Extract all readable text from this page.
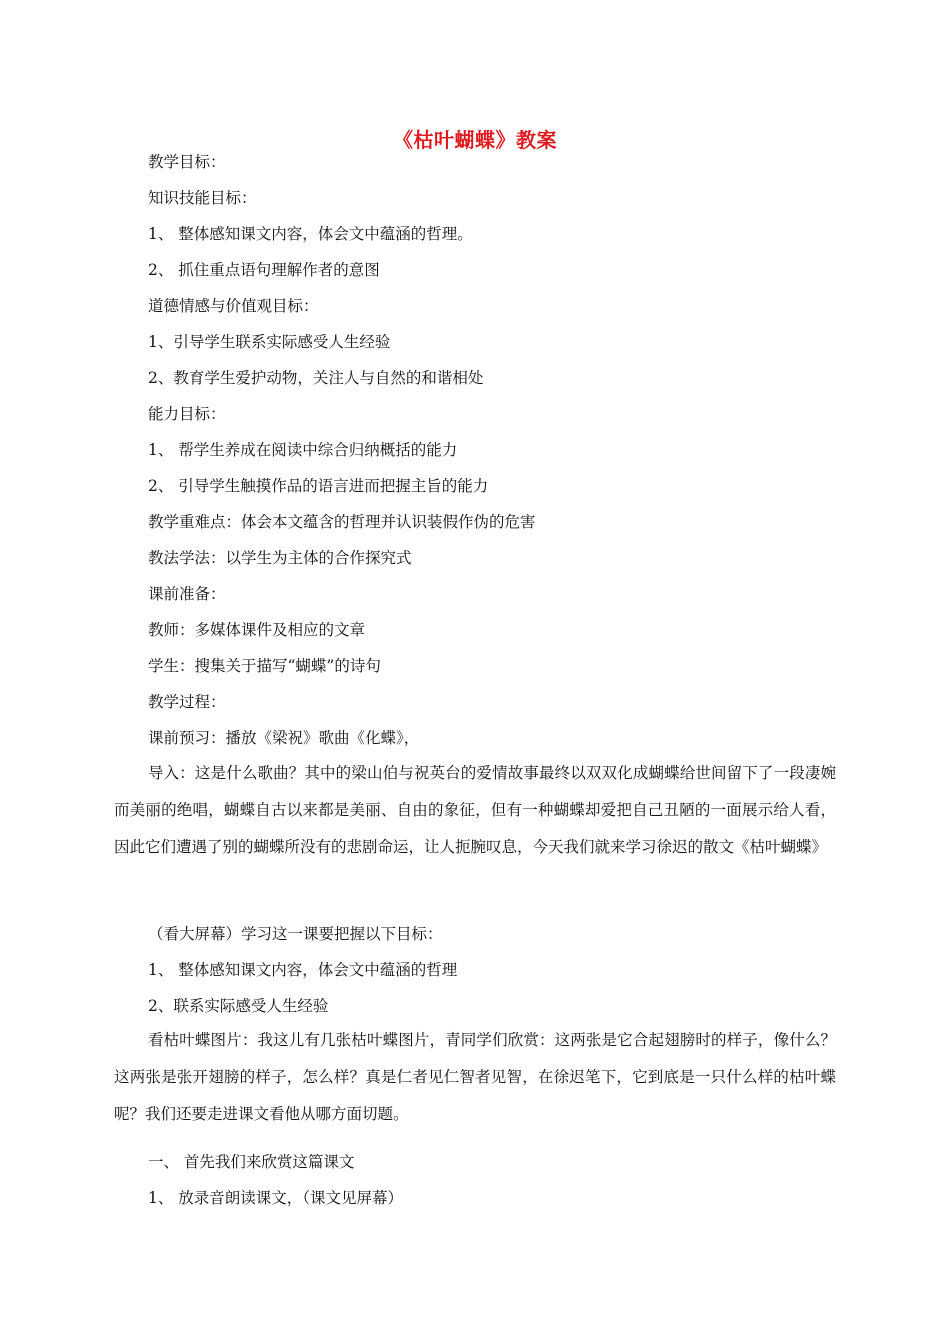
《枯叶蝴蝶》教案
教学目标：
知识技能目标：
1、 整体感知课文内容，体会文中蕴涵的哲理。
2、 抓住重点语句理解作者的意图
道德情感与价值观目标：
1、引导学生联系实际感受人生经验
2、教育学生爱护动物，关注人与自然的和谐相处
能力目标：
1、 帮学生养成在阅读中综合归纳概括的能力
2、 引导学生触摸作品的语言进而把握主旨的能力
教学重难点：体会本文蕴含的哲理并认识装假作伪的危害
教法学法：以学生为主体的合作探究式
课前准备：
教师：多媒体课件及相应的文章
学生：搜集关于描写“蝴蝶”的诗句
教学过程：
课前预习：播放《梁祝》歌曲《化蝶》，
导入：这是什么歌曲？其中的梁山伯与祝英台的爱情故事最终以双双化成蝴蝶给世间留下了一段凄婉而美丽的绝唱，蝴蝶自古以来都是美丽、自由的象征，但有一种蝴蝶却爱把自己丑陋的一面展示给人看，因此它们遭遇了别的蝴蝶所没有的悲剧命运，让人扼腕叹息，今天我们就来学习徐迟的散文《枯叶蝴蝶》
（看大屏幕）学习这一课要把握以下目标：
1、 整体感知课文内容，体会文中蕴涵的哲理
2、联系实际感受人生经验
看枯叶蝶图片：我这儿有几张枯叶蝶图片，青同学们欣赏：这两张是它合起翅膀时的样子，像什么？这两张是张开翅膀的样子，怎么样？真是仁者见仁智者见智，在徐迟笔下，它到底是一只什么样的枯叶蝶呢？我们还要走进课文看他从哪方面切题。
一、 首先我们来欣赏这篇课文
1、 放录音朗读课文，（课文见屏幕）
